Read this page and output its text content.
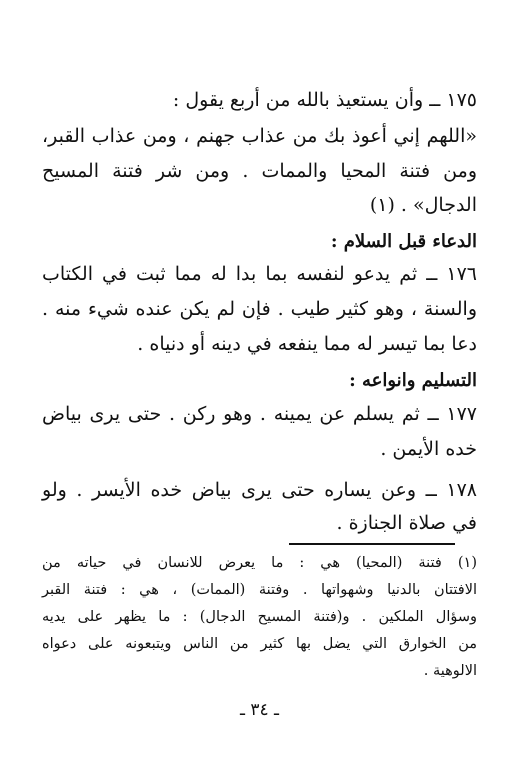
١٧٥ ــ وأن يستعيذ بالله من أربع يقول :
«اللهم إني أعوذ بك من عذاب جهنم ، ومن عذاب القبر،
ومن فتنة المحيا والممات . ومن شر فتنة المسيح
الدجال» . (١)
الدعاء قبل السلام :
١٧٦ ــ ثم يدعو لنفسه بما بدا له مما ثبت في الكتاب
والسنة ، وهو كثير طيب . فإن لم يكن عنده شيء منه .
دعا بما تيسر له مما ينفعه في دينه أو دنياه .
التسليم وانواعه :
١٧٧ ــ ثم يسلم عن يمينه . وهو ركن . حتى يرى بياض
خده الأيمن .
١٧٨ ــ وعن يساره حتى يرى بياض خده الأيسر . ولو
في صلاة الجنازة .
(١) فتنة (المحيا) هي : ما يعرض للانسان في حياته من
الافتتان بالدنيا وشهواتها . وفتنة (الممات) ، هي : فتنة القبر
وسؤال الملكين . و(فتنة المسيح الدجال) : ما يظهر على يديه
من الخوارق التي يضل بها كثير من الناس ويتبعونه على دعواه
الالوهية .
ـ ٣٤ ـ
